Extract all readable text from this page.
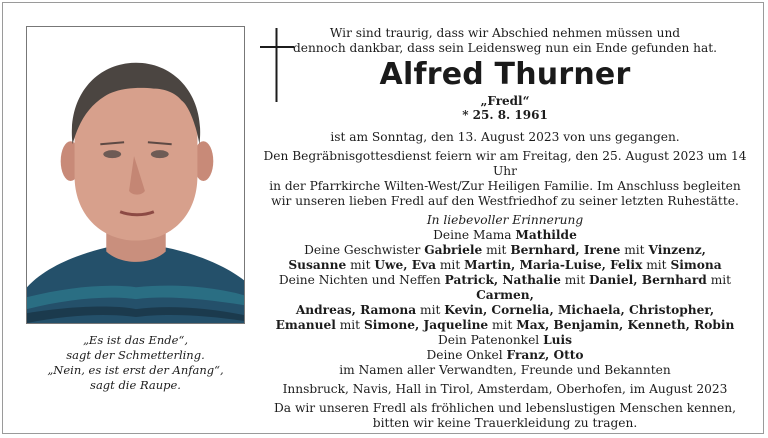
„Es ist das Ende“,
sagt der Schmetterling.
„Nein, es ist erst der Anfang“,
sagt die Raupe.

Wir sind traurig, dass wir Abschied nehmen müssen und

dennoch dankbar, dass sein Leidensweg nun ein Ende gefunden hat.

Alfred Thurner

„Fredl“

* 25. 8. 1961

ist am Sonntag, den 13. August 2023 von uns gegangen.

Den Begräbnisgottesdienst feiern wir am Freitag, den 25. August 2023 um 14 Uhr

in der Pfarrkirche Wilten-West/Zur Heiligen Familie. Im Anschluss begleiten

wir unseren lieben Fredl auf den Westfriedhof zu seiner letzten Ruhestätte.

In liebevoller Erinnerung

Deine Mama Mathilde

Deine Geschwister Gabriele mit Bernhard, Irene mit Vinzenz,

Susanne mit Uwe, Eva mit Martin, Maria-Luise, Felix mit Simona

Deine Nichten und Neffen Patrick, Nathalie mit Daniel, Bernhard mit Carmen,

Andreas, Ramona mit Kevin, Cornelia, Michaela, Christopher,

Emanuel mit Simone, Jaqueline mit Max, Benjamin, Kenneth, Robin

Dein Patenonkel Luis

Deine Onkel Franz, Otto

im Namen aller Verwandten, Freunde und Bekannten

Innsbruck, Navis, Hall in Tirol, Amsterdam, Oberhofen, im August 2023

Da wir unseren Fredl als fröhlichen und lebenslustigen Menschen kennen,

bitten wir keine Trauerkleidung zu tragen.
